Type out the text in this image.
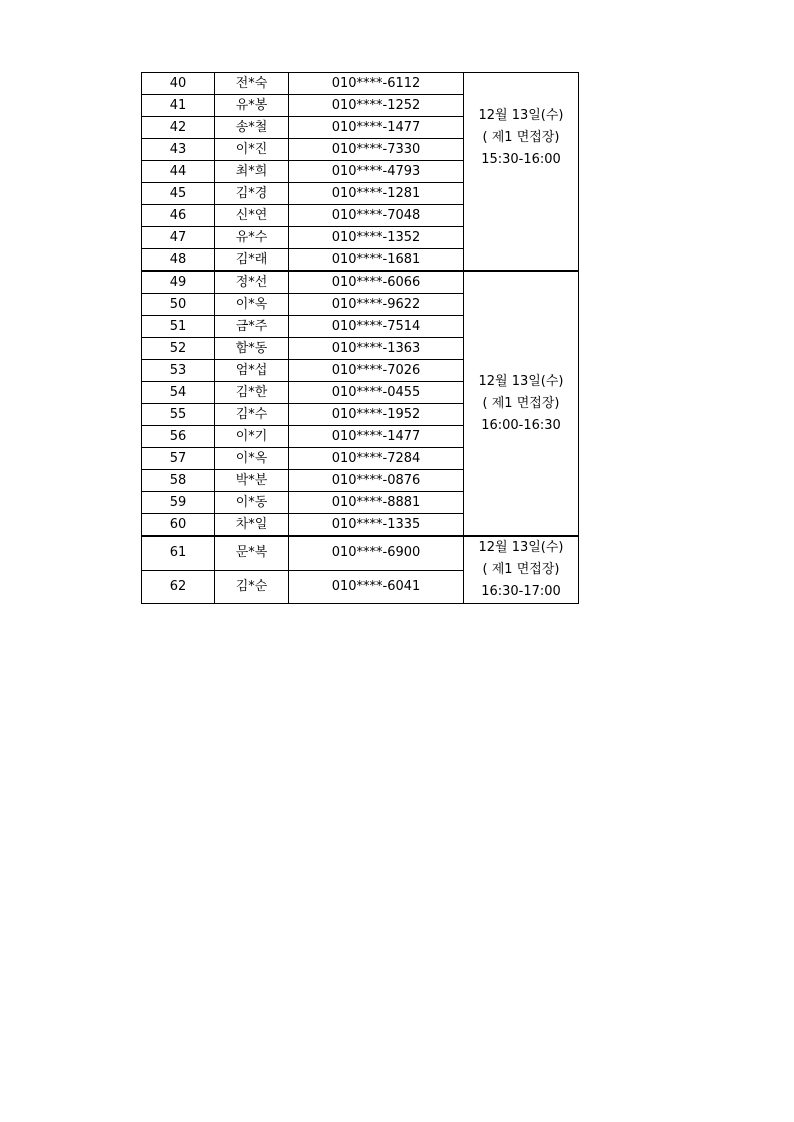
40	전*숙	010****-6112	12월 13일(수)
( 제1 면접장)
15:30-16:00

41	유*봉	010****-1252	
42	송*철	010****-1477	
43	이*진	010****-7330	
44	최*희	010****-4793	
45	김*경	010****-1281	
46	신*연	010****-7048	
47	유*수	010****-1352	
48	김*래	010****-1681	
49	정*선	010****-6066	12월 13일(수)
( 제1 면접장)
16:00-16:30

50	이*옥	010****-9622	
51	금*주	010****-7514	
52	함*동	010****-1363	
53	엄*섭	010****-7026	
54	김*한	010****-0455	
55	김*수	010****-1952	
56	이*기	010****-1477	
57	이*옥	010****-7284	
58	박*분	010****-0876	
59	이*동	010****-8881	
60	차*일	010****-1335	
61	문*복	010****-6900	12월 13일(수)
( 제1 면접장)
16:30-17:00

62	김*순	010****-6041	
